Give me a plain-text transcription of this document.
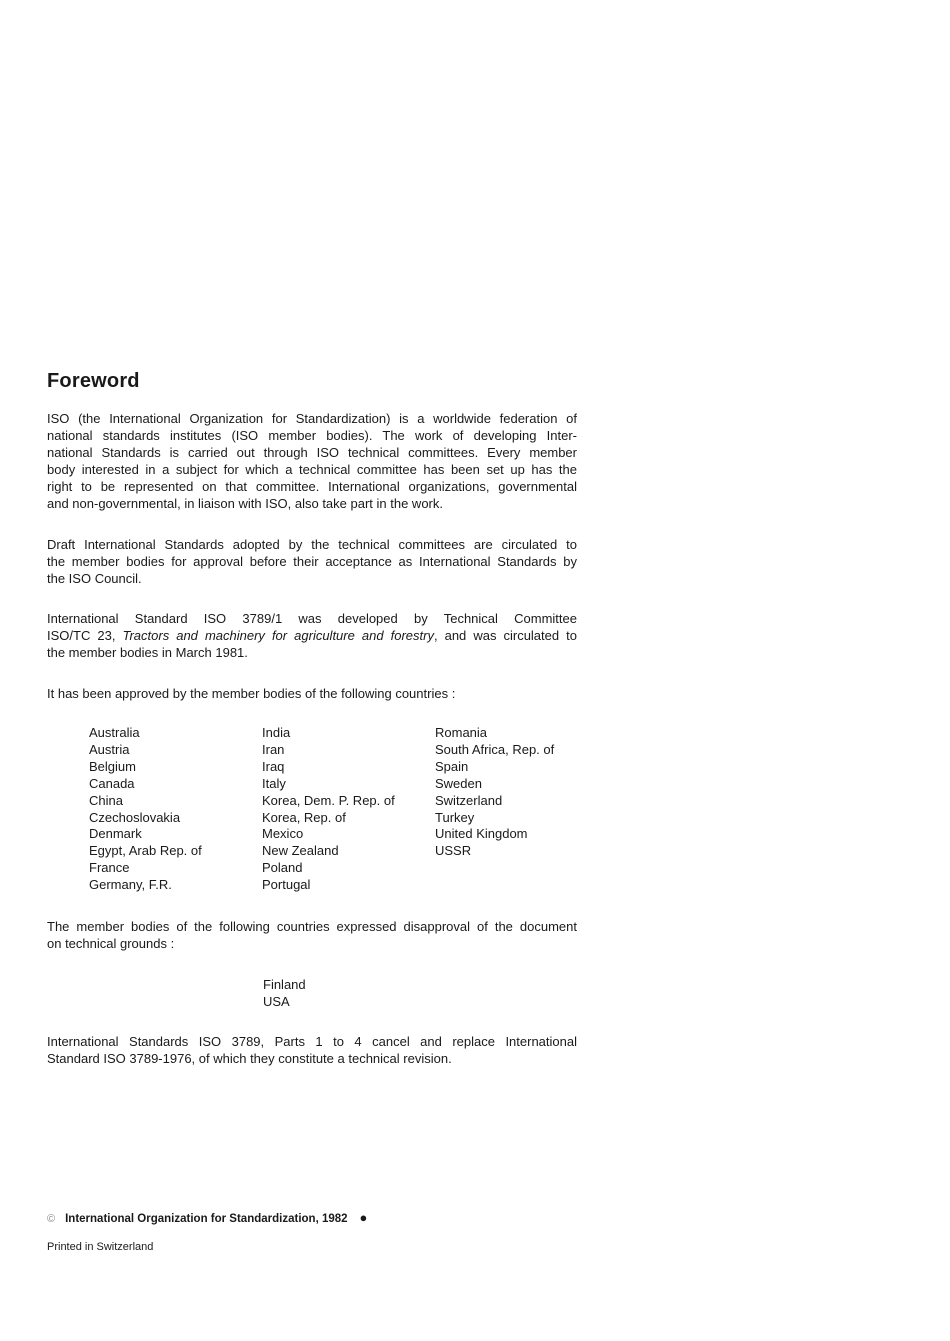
Foreword
ISO (the International Organization for Standardization) is a worldwide federation of
national standards institutes (ISO member bodies). The work of developing Inter-
national Standards is carried out through ISO technical committees. Every member
body interested in a subject for which a technical committee has been set up has the
right to be represented on that committee. International organizations, governmental
and non-governmental, in liaison with ISO, also take part in the work.
Draft International Standards adopted by the technical committees are circulated to
the member bodies for approval before their acceptance as International Standards by
the ISO Council.
International Standard ISO 3789/1 was developed by Technical Committee
ISO/TC 23, Tractors and machinery for agriculture and forestry, and was circulated to
the member bodies in March 1981.
It has been approved by the member bodies of the following countries :
Australia
Austria
Belgium
Canada
China
Czechoslovakia
Denmark
Egypt, Arab Rep. of
France
Germany, F.R.
India
Iran
Iraq
Italy
Korea, Dem. P. Rep. of
Korea, Rep. of
Mexico
New Zealand
Poland
Portugal
Romania
South Africa, Rep. of
Spain
Sweden
Switzerland
Turkey
United Kingdom
USSR
The member bodies of the following countries expressed disapproval of the document
on technical grounds :
Finland
USA
International Standards ISO 3789, Parts 1 to 4 cancel and replace International
Standard ISO 3789-1976, of which they constitute a technical revision.
© International Organization for Standardization, 1982 ●
Printed in Switzerland
